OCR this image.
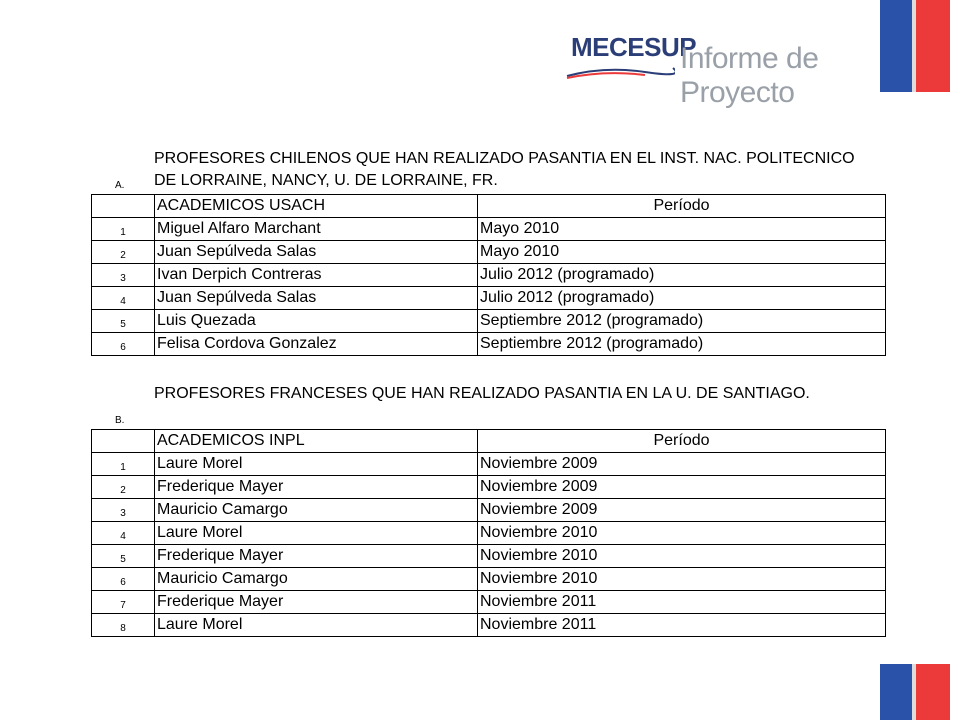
MECESUP
Informe de Proyecto
A.
PROFESORES CHILENOS QUE HAN REALIZADO PASANTIA EN EL INST. NAC. POLITECNICO DE LORRAINE, NANCY, U. DE LORRAINE, FR.
	ACADEMICOS USACH	Período
1	Miguel Alfaro Marchant	Mayo 2010
2	Juan Sepúlveda Salas	Mayo 2010
3	Ivan Derpich Contreras	Julio 2012 (programado)
4	Juan Sepúlveda Salas	Julio 2012 (programado)
5	Luis Quezada	Septiembre 2012 (programado)
6	Felisa Cordova Gonzalez	Septiembre 2012 (programado)
B.
PROFESORES FRANCESES QUE HAN REALIZADO PASANTIA EN LA U. DE SANTIAGO.
	ACADEMICOS INPL	Período
1	Laure Morel	Noviembre 2009
2	Frederique Mayer	Noviembre 2009
3	Mauricio Camargo	Noviembre 2009
4	Laure Morel	Noviembre 2010
5	Frederique Mayer	Noviembre 2010
6	Mauricio Camargo	Noviembre 2010
7	Frederique Mayer	Noviembre 2011
8	Laure Morel	Noviembre 2011
